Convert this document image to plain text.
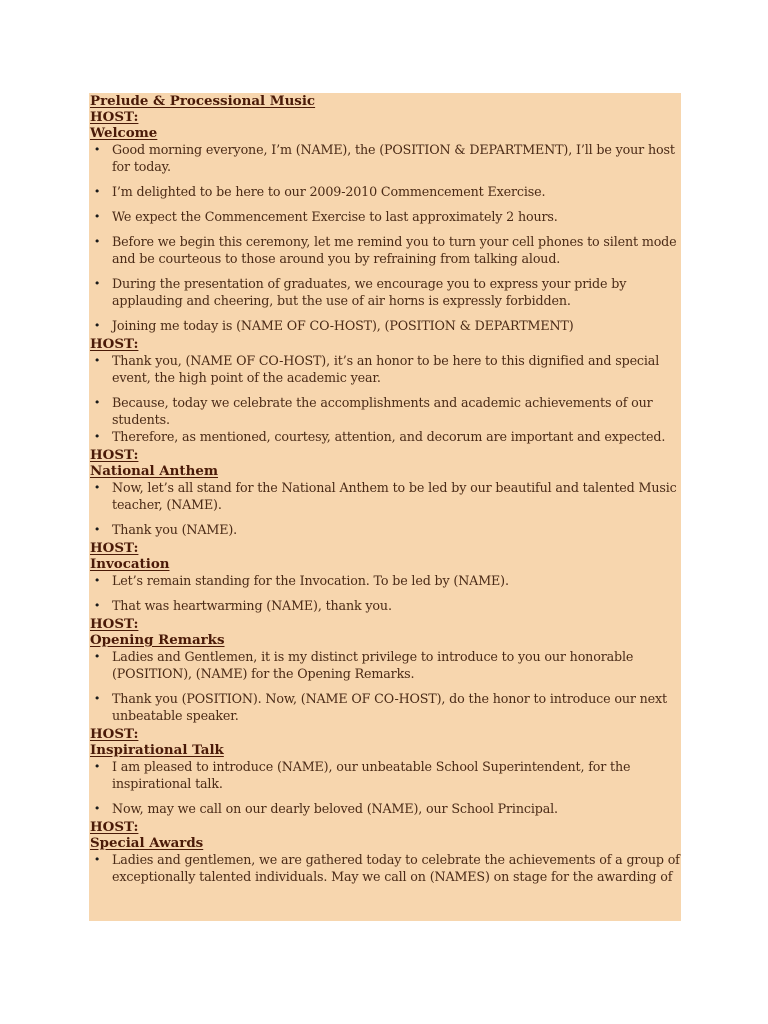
Prelude & Processional Music

HOST:

Welcome

• Good morning everyone, I’m (NAME), the (POSITION & DEPARTMENT), I’ll be your host for today.
• I’m delighted to be here to our 2009-2010 Commencement Exercise.
• We expect the Commencement Exercise to last approximately 2 hours.
• Before we begin this ceremony, let me remind you to turn your cell phones to silent mode and be courteous to those around you by refraining from talking aloud.
• During the presentation of graduates, we encourage you to express your pride by applauding and cheering, but the use of air horns is expressly forbidden.
• Joining me today is (NAME OF CO-HOST), (POSITION & DEPARTMENT)

HOST:

• Thank you, (NAME OF CO-HOST), it’s an honor to be here to this dignified and special event, the high point of the academic year.
• Because, today we celebrate the accomplishments and academic achievements of our students.
• Therefore, as mentioned, courtesy, attention, and decorum are important and expected.

HOST:

National Anthem

• Now, let’s all stand for the National Anthem to be led by our beautiful and talented Music teacher, (NAME).
• Thank you (NAME).

HOST:

Invocation

• Let’s remain standing for the Invocation. To be led by (NAME).
• That was heartwarming (NAME), thank you.

HOST:

Opening Remarks

• Ladies and Gentlemen, it is my distinct privilege to introduce to you our honorable (POSITION), (NAME) for the Opening Remarks.
• Thank you (POSITION). Now, (NAME OF CO-HOST), do the honor to introduce our next unbeatable speaker.

HOST:

Inspirational Talk

• I am pleased to introduce (NAME), our unbeatable School Superintendent, for the inspirational talk.
• Now, may we call on our dearly beloved (NAME), our School Principal.

HOST:

Special Awards

• Ladies and gentlemen, we are gathered today to celebrate the achievements of a group of exceptionally talented individuals. May we call on (NAMES) on stage for the awarding of
